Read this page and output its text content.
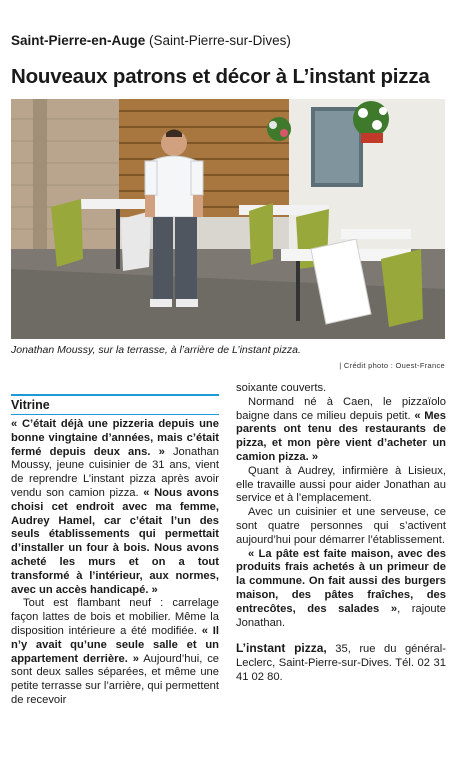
Saint-Pierre-en-Auge (Saint-Pierre-sur-Dives)
Nouveaux patrons et décor à L’instant pizza
Jonathan Moussy, sur la terrasse, à l’arrière de L’instant pizza.
| Crédit photo : Ouest-France
Vitrine

« C’était déjà une pizzeria depuis une bonne vingtaine d’années, mais c’était fermé depuis deux ans. » Jonathan Moussy, jeune cuisinier de 31 ans, vient de reprendre L’instant pizza après avoir vendu son camion pizza. « Nous avons choisi cet endroit avec ma femme, Audrey Hamel, car c’était l’un des seuls établissements qui permettait d’installer un four à bois. Nous avons acheté les murs et on a tout transformé à l’intérieur, aux normes, avec un accès handicapé. »

Tout est flambant neuf : carrelage façon lattes de bois et mobilier. Même la disposition intérieure a été modifiée. « Il n’y avait qu’une seule salle et un appartement derrière. » Aujourd’hui, ce sont deux salles séparées, et même une petite terrasse sur l’arrière, qui permettent de recevoir

soixante couverts.

Normand né à Caen, le pizzaïolo baigne dans ce milieu depuis petit. « Mes parents ont tenu des restaurants de pizza, et mon père vient d’acheter un camion pizza. »

Quant à Audrey, infirmière à Lisieux, elle travaille aussi pour aider Jonathan au service et à l’emplacement.

Avec un cuisinier et une serveuse, ce sont quatre personnes qui s’activent aujourd’hui pour démarrer l’établissement.

« La pâte est faite maison, avec des produits frais achetés à un primeur de la commune. On fait aussi des burgers maison, des pâtes fraîches, des entrecôtes, des salades », rajoute Jonathan.

L’instant pizza, 35, rue du général-Leclerc, Saint-Pierre-sur-Dives. Tél. 02 31 41 02 80.
